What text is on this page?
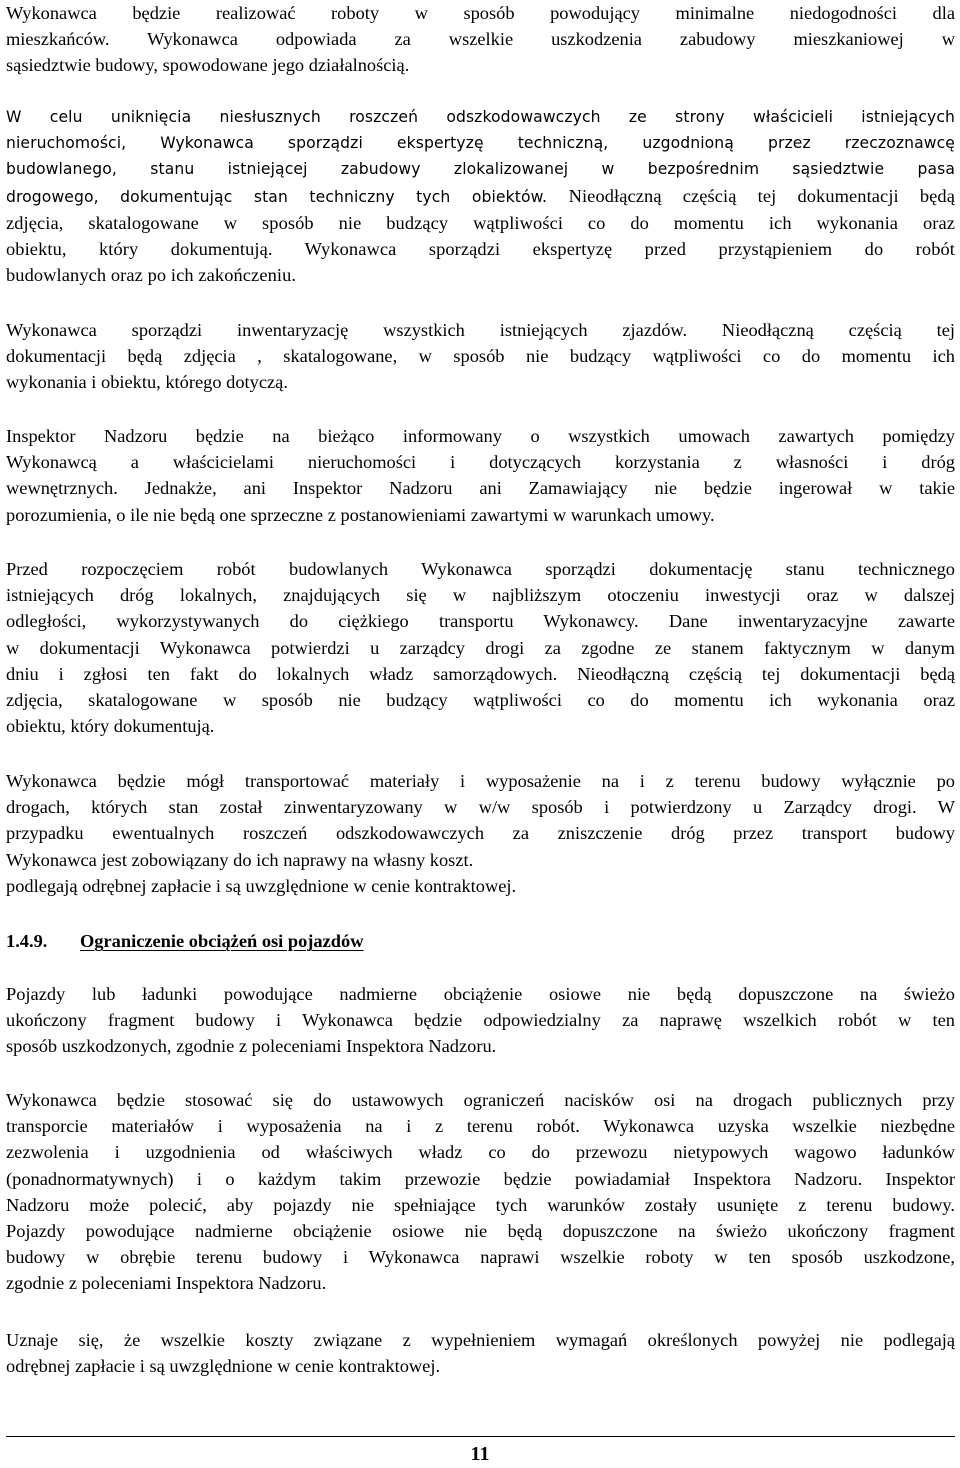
Wykonawca będzie realizować roboty w sposób powodujący minimalne niedogodności dla
mieszkańców. Wykonawca odpowiada za wszelkie uszkodzenia zabudowy mieszkaniowej w
sąsiedztwie budowy, spowodowane jego działalnością.
W celu uniknięcia niesłusznych roszczeń odszkodowawczych ze strony właścicieli istniejących
nieruchomości, Wykonawca sporządzi ekspertyzę techniczną, uzgodnioną przez rzeczoznawcę
budowlanego, stanu istniejącej zabudowy zlokalizowanej w bezpośrednim sąsiedztwie pasa
drogowego, dokumentując stan techniczny tych obiektów. Nieodłączną częścią tej dokumentacji będą
zdjęcia, skatalogowane w sposób nie budzący wątpliwości co do momentu ich wykonania oraz
obiektu, który dokumentują. Wykonawca sporządzi ekspertyzę przed przystąpieniem do robót
budowlanych oraz po ich zakończeniu.
Wykonawca sporządzi inwentaryzację wszystkich istniejących zjazdów. Nieodłączną częścią tej
dokumentacji będą zdjęcia , skatalogowane, w sposób nie budzący wątpliwości co do momentu ich
wykonania i obiektu, którego dotyczą.
Inspektor Nadzoru będzie na bieżąco informowany o wszystkich umowach zawartych pomiędzy
Wykonawcą a właścicielami nieruchomości i dotyczących korzystania z własności i dróg
wewnętrznych. Jednakże, ani Inspektor Nadzoru ani Zamawiający nie będzie ingerował w takie
porozumienia, o ile nie będą one sprzeczne z postanowieniami zawartymi w warunkach umowy.
Przed rozpoczęciem robót budowlanych Wykonawca sporządzi dokumentację stanu technicznego
istniejących dróg lokalnych, znajdujących się w najbliższym otoczeniu inwestycji oraz w dalszej
odległości, wykorzystywanych do ciężkiego transportu Wykonawcy. Dane inwentaryzacyjne zawarte
w dokumentacji Wykonawca potwierdzi u zarządcy drogi za zgodne ze stanem faktycznym w danym
dniu i zgłosi ten fakt do lokalnych władz samorządowych. Nieodłączną częścią tej dokumentacji będą
zdjęcia, skatalogowane w sposób nie budzący wątpliwości co do momentu ich wykonania oraz
obiektu, który dokumentują.
Wykonawca będzie mógł transportować materiały i wyposażenie na i z terenu budowy wyłącznie po
drogach, których stan został zinwentaryzowany w w/w sposób i potwierdzony u Zarządcy drogi. W
przypadku ewentualnych roszczeń odszkodowawczych za zniszczenie dróg przez transport budowy
Wykonawca jest zobowiązany do ich naprawy na własny koszt.
podlegają odrębnej zapłacie i są uwzględnione w cenie kontraktowej.
1.4.9. Ograniczenie obciążeń osi pojazdów
Pojazdy lub ładunki powodujące nadmierne obciążenie osiowe nie będą dopuszczone na świeżo
ukończony fragment budowy i Wykonawca będzie odpowiedzialny za naprawę wszelkich robót w ten
sposób uszkodzonych, zgodnie z poleceniami Inspektora Nadzoru.
Wykonawca będzie stosować się do ustawowych ograniczeń nacisków osi na drogach publicznych przy
transporcie materiałów i wyposażenia na i z terenu robót. Wykonawca uzyska wszelkie niezbędne
zezwolenia i uzgodnienia od właściwych władz co do przewozu nietypowych wagowo ładunków
(ponadnormatywnych) i o każdym takim przewozie będzie powiadamiał Inspektora Nadzoru. Inspektor
Nadzoru może polecić, aby pojazdy nie spełniające tych warunków zostały usunięte z terenu budowy.
Pojazdy powodujące nadmierne obciążenie osiowe nie będą dopuszczone na świeżo ukończony fragment
budowy w obrębie terenu budowy i Wykonawca naprawi wszelkie roboty w ten sposób uszkodzone,
zgodnie z poleceniami Inspektora Nadzoru.
Uznaje się, że wszelkie koszty związane z wypełnieniem wymagań określonych powyżej nie podlegają
odrębnej zapłacie i są uwzględnione w cenie kontraktowej.
11
